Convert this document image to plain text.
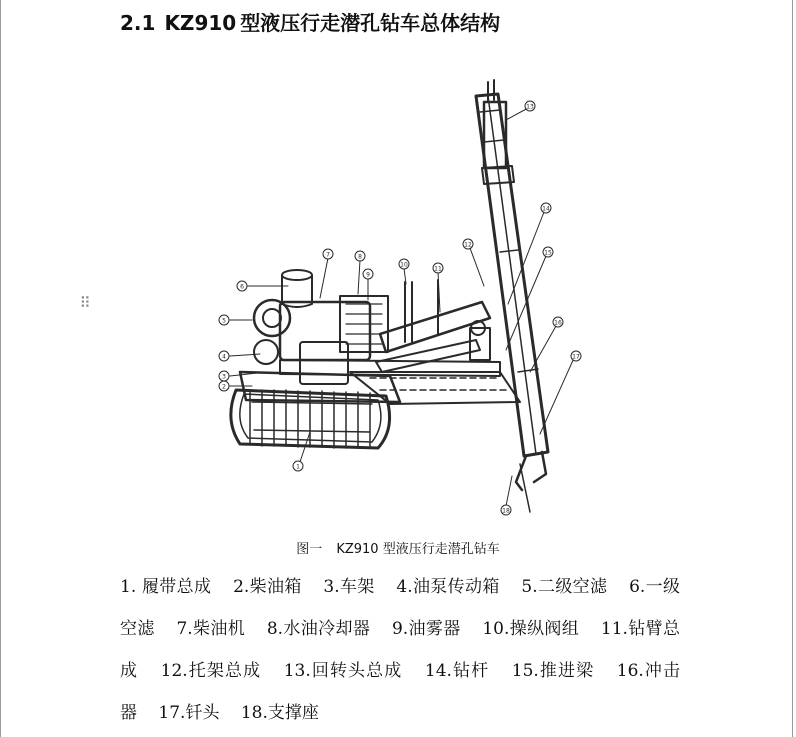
⠿
2.1 KZ910 型液压行走潜孔钻车总体结构
6
5
4
3
2
1
7	8
9
10
11
12
13
14
15
16
17
18

图一 KZ910 型液压行走潜孔钻车

1. 履带总成 2.柴油箱 3.车架 4.油泵传动箱 5.二级空滤 6.一级空滤 7.柴油机 8.水油冷却器 9.油雾器 10.操纵阀组 11.钻臂总成 12.托架总成 13.回转头总成 14.钻杆 15.推进梁 16.冲击器 17.钎头 18.支撑座
